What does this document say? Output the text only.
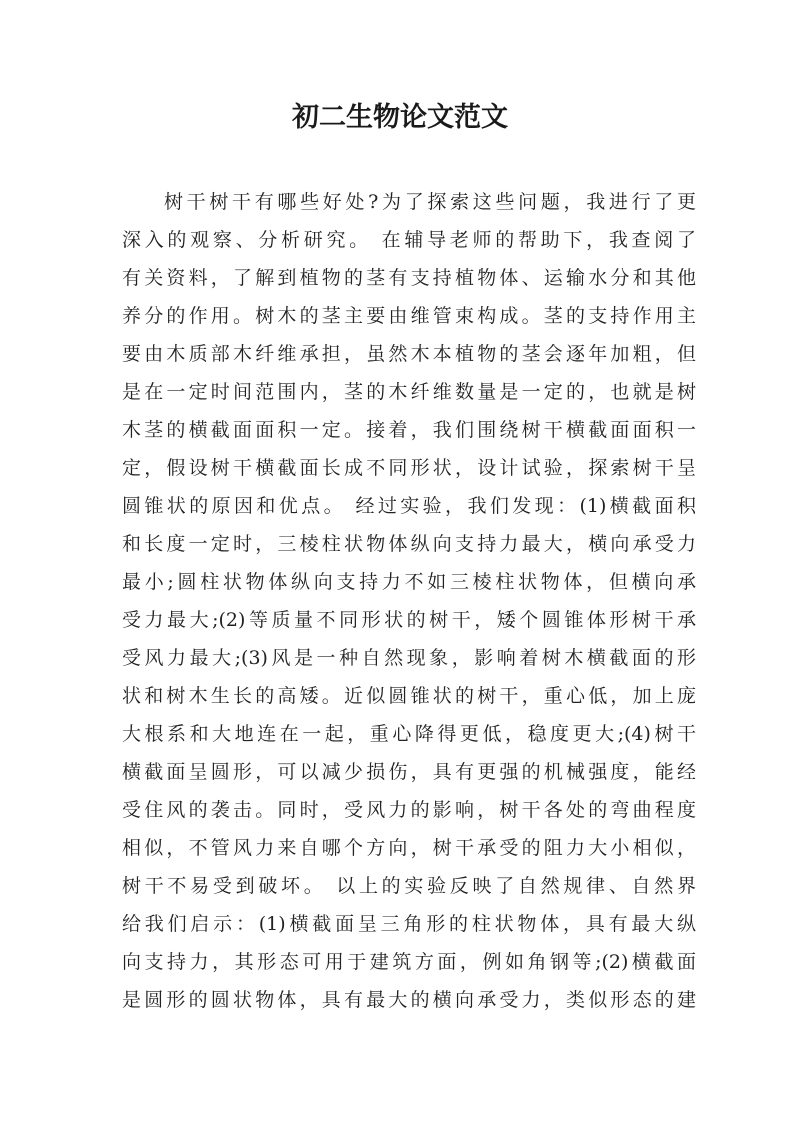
初二生物论文范文
树干树干有哪些好处?为了探索这些问题，我进行了更
深入的观察、分析研究。 在辅导老师的帮助下，我查阅了
有关资料，了解到植物的茎有支持植物体、运输水分和其他
养分的作用。树木的茎主要由维管束构成。茎的支持作用主
要由木质部木纤维承担，虽然木本植物的茎会逐年加粗，但
是在一定时间范围内，茎的木纤维数量是一定的，也就是树
木茎的横截面面积一定。接着，我们围绕树干横截面面积一
定，假设树干横截面长成不同形状，设计试验，探索树干呈
圆锥状的原因和优点。 经过实验，我们发现：(1)横截面积
和长度一定时，三棱柱状物体纵向支持力最大，横向承受力
最小;圆柱状物体纵向支持力不如三棱柱状物体，但横向承
受力最大;(2)等质量不同形状的树干，矮个圆锥体形树干承
受风力最大;(3)风是一种自然现象，影响着树木横截面的形
状和树木生长的高矮。近似圆锥状的树干，重心低，加上庞
大根系和大地连在一起，重心降得更低，稳度更大;(4)树干
横截面呈圆形，可以减少损伤，具有更强的机械强度，能经
受住风的袭击。同时，受风力的影响，树干各处的弯曲程度
相似，不管风力来自哪个方向，树干承受的阻力大小相似，
树干不易受到破坏。 以上的实验反映了自然规律、自然界
给我们启示：(1)横截面呈三角形的柱状物体，具有最大纵
向支持力，其形态可用于建筑方面，例如角钢等;(2)横截面
是圆形的圆状物体，具有最大的横向承受力，类似形态的建
